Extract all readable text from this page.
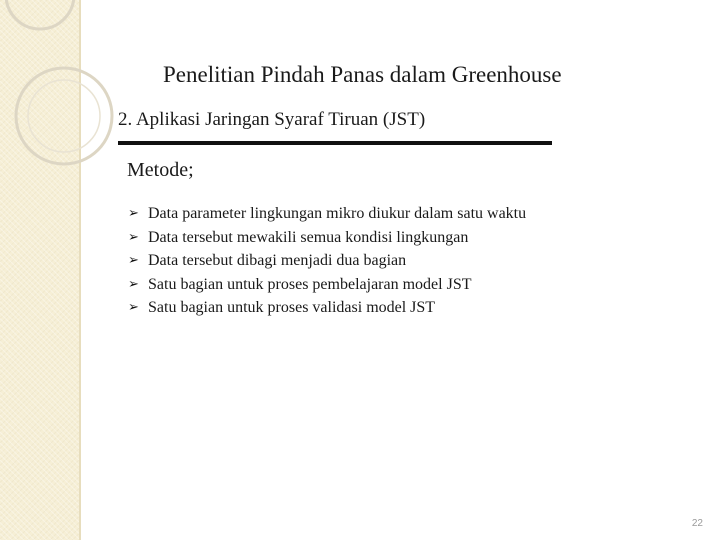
Penelitian Pindah Panas dalam Greenhouse
2. Aplikasi Jaringan Syaraf Tiruan (JST)
Metode;
➢ Data parameter lingkungan mikro diukur dalam satu waktu
➢ Data tersebut mewakili semua kondisi lingkungan
➢ Data tersebut dibagi menjadi dua bagian
➢ Satu bagian untuk proses pembelajaran model JST
➢ Satu bagian untuk proses validasi model JST
22
